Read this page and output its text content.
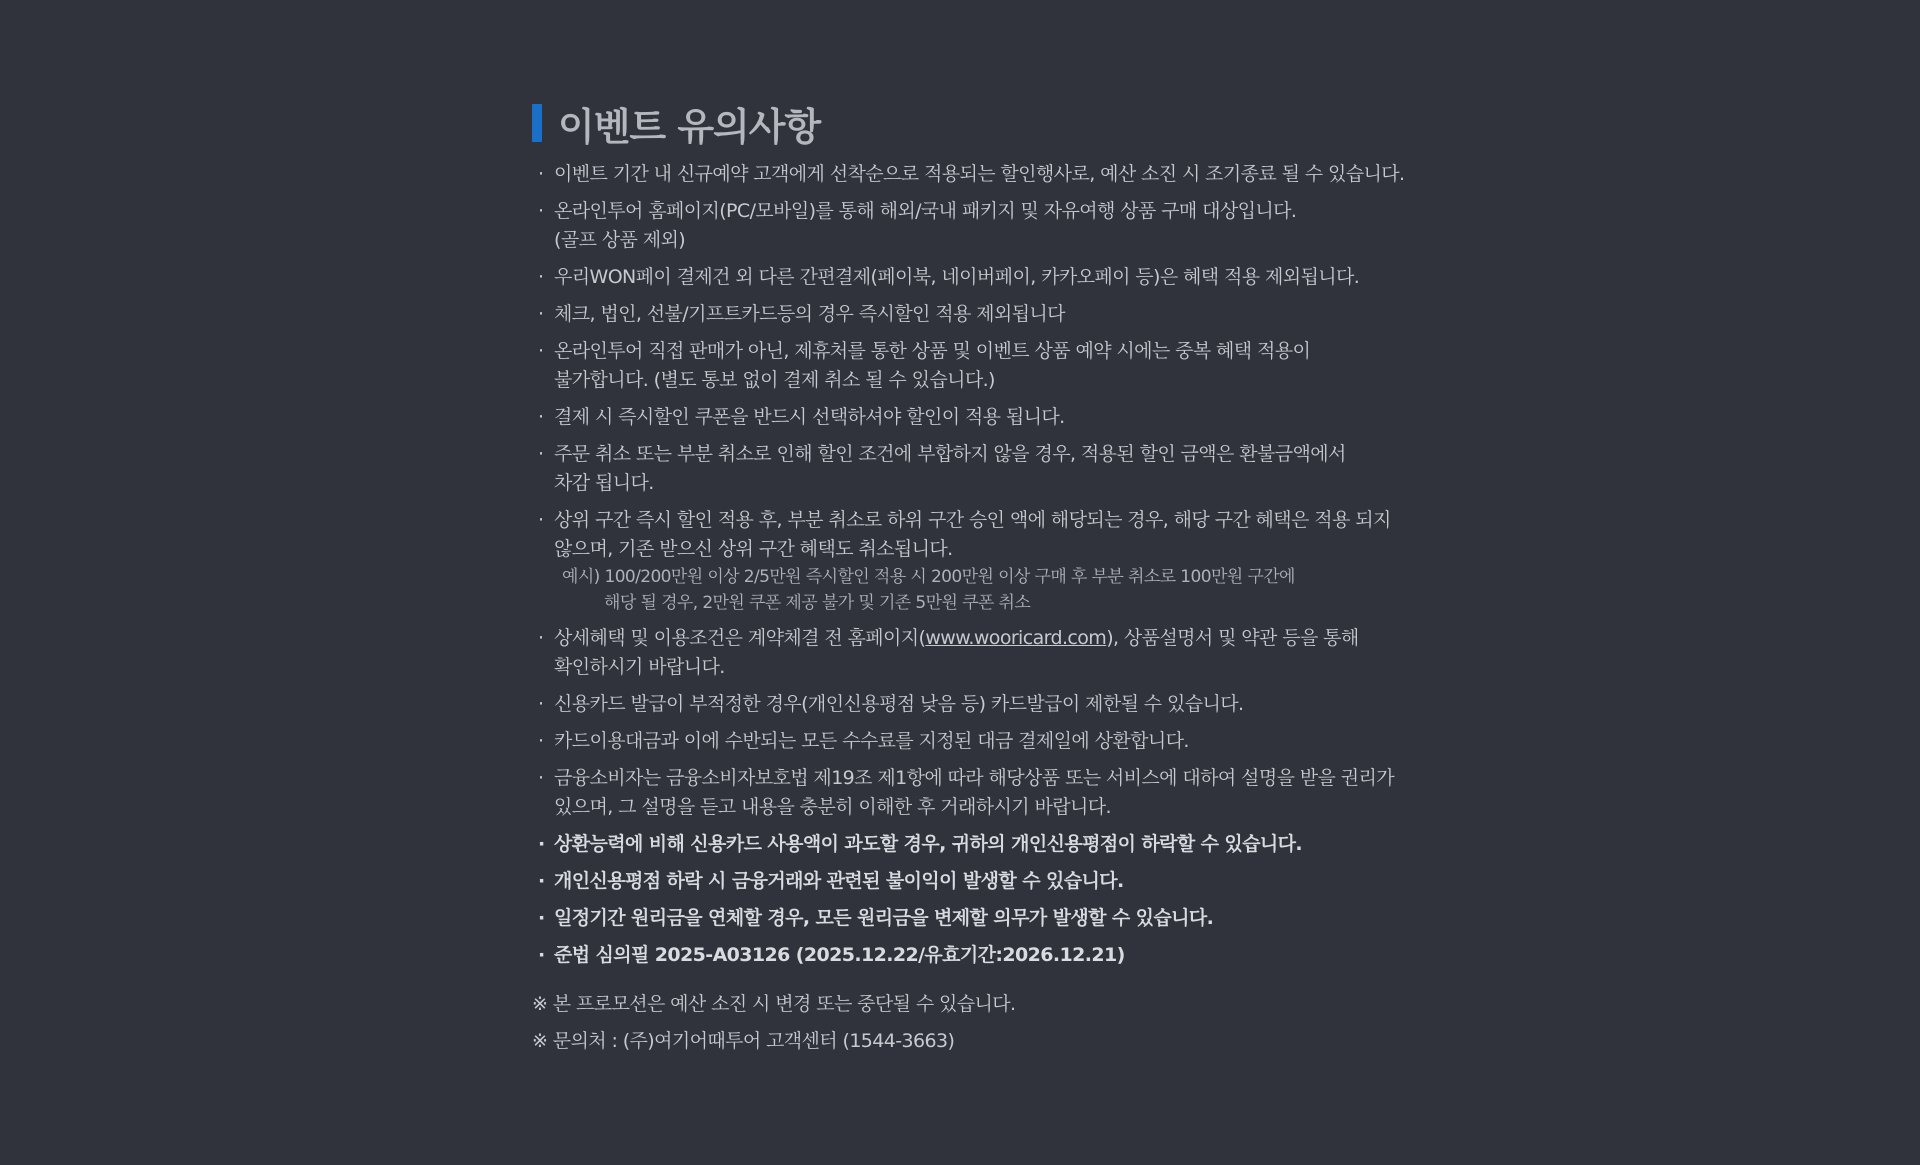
이벤트 유의사항
· 이벤트 기간 내 신규예약 고객에게 선착순으로 적용되는 할인행사로, 예산 소진 시 조기종료 될 수 있습니다.
· 온라인투어 홈페이지(PC/모바일)를 통해 해외/국내 패키지 및 자유여행 상품 구매 대상입니다.
(골프 상품 제외)
· 우리WON페이 결제건 외 다른 간편결제(페이북, 네이버페이, 카카오페이 등)은 혜택 적용 제외됩니다.
· 체크, 법인, 선불/기프트카드등의 경우 즉시할인 적용 제외됩니다
· 온라인투어 직접 판매가 아닌, 제휴처를 통한 상품 및 이벤트 상품 예약 시에는 중복 혜택 적용이
불가합니다. (별도 통보 없이 결제 취소 될 수 있습니다.)
· 결제 시 즉시할인 쿠폰을 반드시 선택하셔야 할인이 적용 됩니다.
· 주문 취소 또는 부분 취소로 인해 할인 조건에 부합하지 않을 경우, 적용된 할인 금액은 환불금액에서
차감 됩니다.
· 상위 구간 즉시 할인 적용 후, 부분 취소로 하위 구간 승인 액에 해당되는 경우, 해당 구간 혜택은 적용 되지
않으며, 기존 받으신 상위 구간 혜택도 취소됩니다.
예시) 100/200만원 이상 2/5만원 즉시할인 적용 시 200만원 이상 구매 후 부분 취소로 100만원 구간에
해당 될 경우, 2만원 쿠폰 제공 불가 및 기존 5만원 쿠폰 취소
· 상세혜택 및 이용조건은 계약체결 전 홈페이지(www.wooricard.com), 상품설명서 및 약관 등을 통해
확인하시기 바랍니다.
· 신용카드 발급이 부적정한 경우(개인신용평점 낮음 등) 카드발급이 제한될 수 있습니다.
· 카드이용대금과 이에 수반되는 모든 수수료를 지정된 대금 결제일에 상환합니다.
· 금융소비자는 금융소비자보호법 제19조 제1항에 따라 해당상품 또는 서비스에 대하여 설명을 받을 권리가
있으며, 그 설명을 듣고 내용을 충분히 이해한 후 거래하시기 바랍니다.
· 상환능력에 비해 신용카드 사용액이 과도할 경우, 귀하의 개인신용평점이 하락할 수 있습니다.
· 개인신용평점 하락 시 금융거래와 관련된 불이익이 발생할 수 있습니다.
· 일정기간 원리금을 연체할 경우, 모든 원리금을 변제할 의무가 발생할 수 있습니다.
· 준법 심의필 2025-A03126 (2025.12.22/유효기간:2026.12.21)
※ 본 프로모션은 예산 소진 시 변경 또는 중단될 수 있습니다.
※ 문의처 : (주)여기어때투어 고객센터 (1544-3663)
